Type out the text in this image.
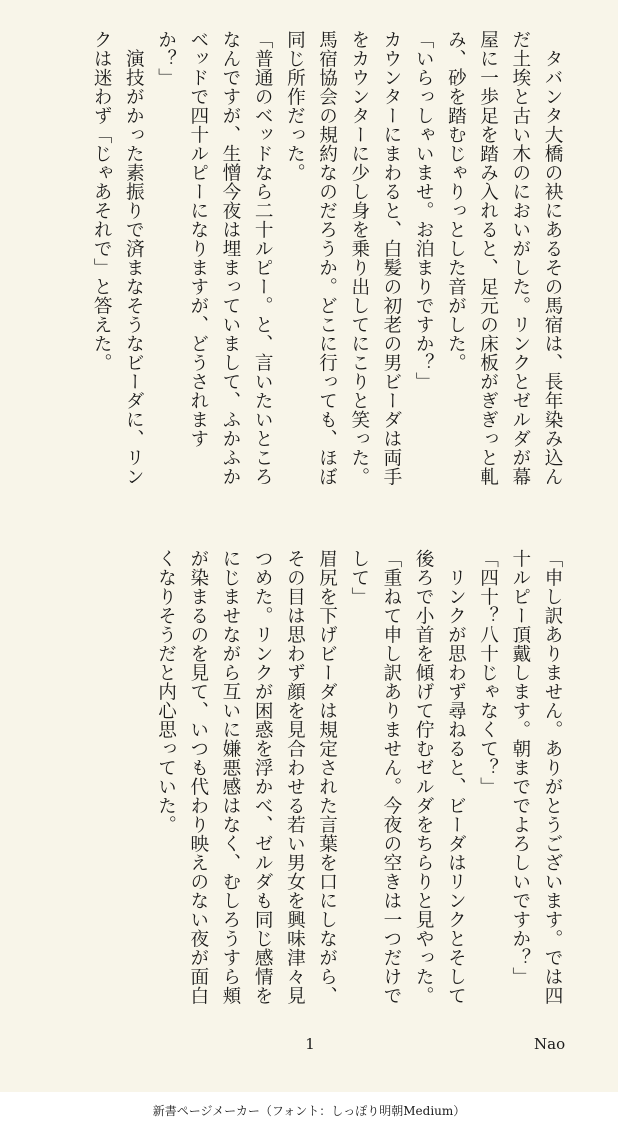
タバンタ大橋の袂にあるその馬宿は、長年染み込んだ土埃と古い木のにおいがした。リンクとゼルダが幕屋に一歩足を踏み入れると、足元の床板がぎぎっと軋み、砂を踏むじゃりっとした音がした。

「いらっしゃいませ。お泊まりですか？」

カウンターにまわると、白髪の初老の男ビーダは両手をカウンターに少し身を乗り出してにこりと笑った。馬宿協会の規約なのだろうか。どこに行っても、ほぼ同じ所作だった。

「普通のベッドなら二十ルピー。と、言いたいところなんですが、生憎今夜は埋まっていまして、ふかふかベッドで四十ルピーになりますが、どうされますか？」

演技がかった素振りで済まなそうなビーダに、リンクは迷わず「じゃあそれで」と答えた。

「申し訳ありません。ありがとうございます。では四十ルピー頂戴します。朝まででよろしいですか？」

「四十？八十じゃなくて？」

リンクが思わず尋ねると、ビーダはリンクとそして後ろで小首を傾げて佇むゼルダをちらりと見やった。

「重ねて申し訳ありません。今夜の空きは一つだけでして」

眉尻を下げビーダは規定された言葉を口にしながら、その目は思わず顔を見合わせる若い男女を興味津々見つめた。リンクが困惑を浮かべ、ゼルダも同じ感情をにじませながら互いに嫌悪感はなく、むしろうすら頬が染まるのを見て、いつも代わり映えのない夜が面白くなりそうだと内心思っていた。

1	Nao
新書ページメーカー（フォント：しっぽり明朝Medium）
